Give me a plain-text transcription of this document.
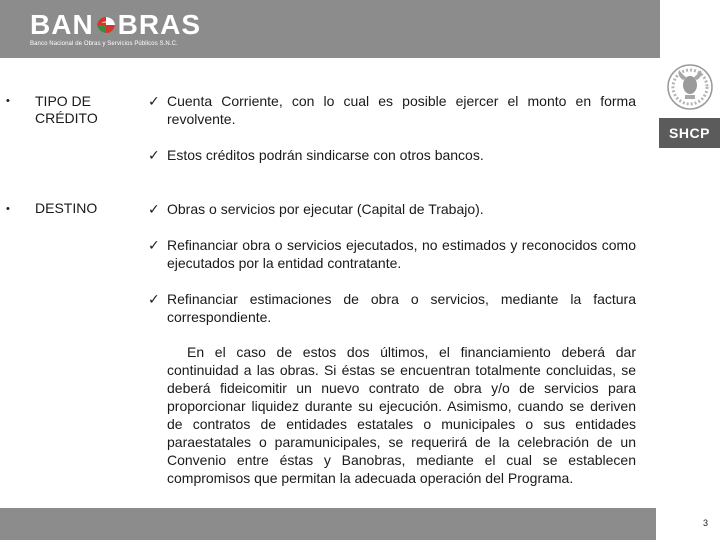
BAN BRAS
Banco Nacional de Obras y Servicios Públicos S.N.C.
SHCP
• TIPO DE
CRÉDITO
✓ Cuenta Corriente, con lo cual es posible ejercer el monto en forma revolvente.
✓ Estos créditos podrán sindicarse con otros bancos.
• DESTINO	✓ Obras o servicios por ejecutar (Capital de Trabajo).
✓ Refinanciar obra o servicios ejecutados, no estimados y reconocidos como ejecutados por la entidad contratante.
✓ Refinanciar estimaciones de obra o servicios, mediante la factura correspondiente.
En el caso de estos dos últimos, el financiamiento deberá dar continuidad a las obras. Si éstas se encuentran totalmente concluidas, se deberá fideicomitir un nuevo contrato de obra y/o de servicios para proporcionar liquidez durante su ejecución. Asimismo, cuando se deriven de contratos de entidades estatales o municipales o sus entidades paraestatales o paramunicipales, se requerirá de la celebración de un Convenio entre éstas y Banobras, mediante el cual se establecen compromisos que permitan la adecuada operación del Programa.
3
